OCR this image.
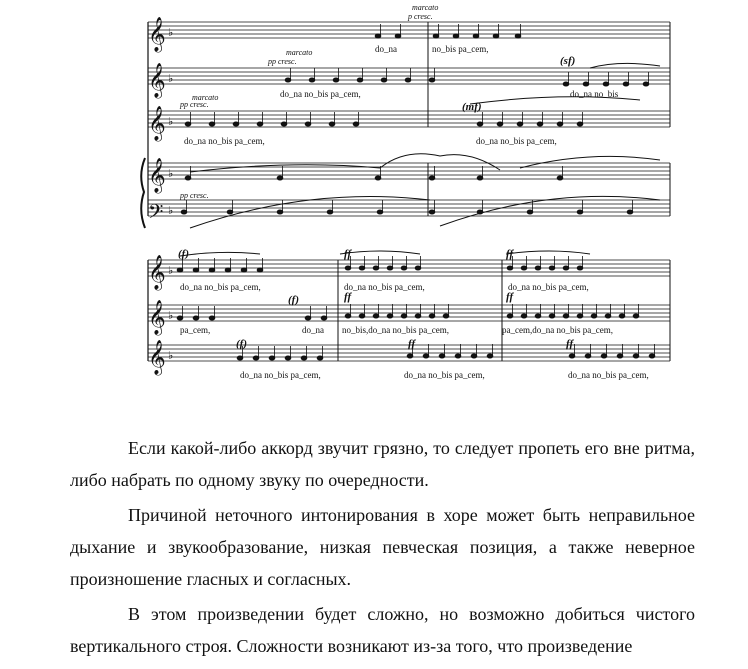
𝄞
𝄞
𝄞
𝄞
𝄢
𝄞
𝄞
𝄞
♭
♭
♭
♭
♭
♭
♭
♭
marcato
p cresc.
do_na	no_bis pa_cem,
marcato
pp cresc.
do_na no_bis pa_cem,
(sf)
do_na no_bis
marcato
pp cresc.
do_na no_bis pa_cem,
(mf)
do_na no_bis pa_cem,
pp cresc.
(f)
do_na no_bis pa_cem,
ff
do_na no_bis pa_cem,
ff
do_na no_bis pa_cem,
pa_cem,
(f)
do_na
ff
no_bis,do_na no_bis pa_cem,
ff
pa_cem,do_na no_bis pa_cem,
(f)
do_na no_bis pa_cem,
ff
do_na no_bis pa_cem,
ff
do_na no_bis pa_cem,

Если какой-либо аккорд звучит грязно, то следует пропеть его вне ритма, либо набрать по одному звуку по очередности.

Причиной неточного интонирования в хоре может быть неправильное дыхание и звукообразование, низкая певческая позиция, а также неверное произношение гласных и согласных.

В этом произведении будет сложно, но возможно добиться чистого вертикального строя. Сложности возникают из-за того, что произведение
